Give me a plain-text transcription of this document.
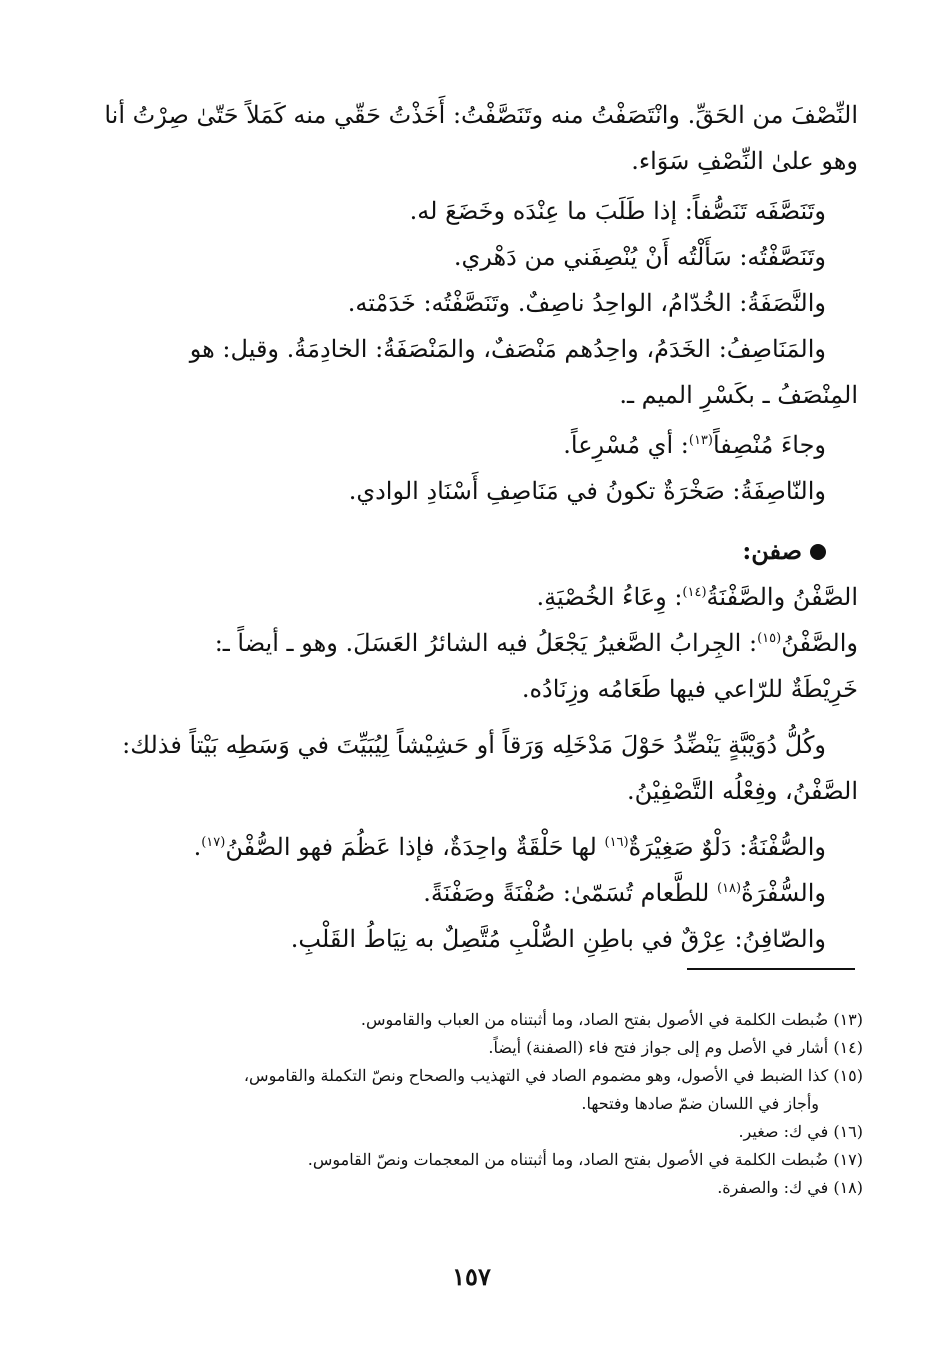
النِّصْفَ من الحَقِّ. وانْتَصَفْتُ منه وتَنَصَّفْتُ: أَخَذْتُ حَقّي منه كَمَلاً حَتّىٰ صِرْتُ أنا

وهو علىٰ النِّصْفِ سَوَاء.

وتَنَصَّفَه تَنَصُّفاً: إذا طَلَبَ ما عِنْدَه وخَضَعَ له.

وتَنَصَّفْتُه: سَأَلْتُه أَنْ يُنْصِفَني من دَهْري.

والنَّصَفَةُ: الخُدّامُ، الواحِدُ ناصِفٌ. وتَنَصَّفْتُه: خَدَمْته.

والمَنَاصِفُ: الخَدَمُ، واحِدُهم مَنْصَفٌ، والمَنْصَفَةُ: الخادِمَةُ. وقيل: هو

المِنْصَفُ ـ بكَسْرِ الميم ـ.

وجاءَ مُنْصِفاً$^{(١٣)}$: أي مُسْرِعاً.

والنّاصِفَةُ: صَخْرَةٌ تكونُ في مَنَاصِفِ أَسْنَادِ الوادي.

صفن:

الصَّفْنُ والصَّفْنَةُ$^{(١٤)}$: وِعَاءُ الخُصْيَةِ.

والصَّفْنُ$^{(١٥)}$: الجِرابُ الصَّغيرُ يَجْعَلُ فيه الشائرُ العَسَلَ. وهو ـ أيضاً ـ:

خَرِيْطَةٌ للرّاعي فيها طَعَامُه وزِنَادُه.

وكُلُّ دُوَيْبَّةٍ يَنْضِّدُ حَوْلَ مَدْخَلِه وَرَقاً أو حَشِيْشاً لِيُبَيِّتَ في وَسَطِه بَيْتاً فذلك:

الصَّفْنُ، وفِعْلُه التَّصْفِيْنُ.

والصُّفْنَةُ: دَلْوٌ صَغِيْرَةٌ$^{(١٦)}$ لها حَلْقَةٌ واحِدَةٌ، فإذا عَظُمَ فهو الصُّفْنُ$^{(١٧)}$.

والسُّفْرَةُ$^{(١٨)}$ للطَّعام تُسَمّىٰ: صُفْنَةً وصَفْنَةً.

والصّافِنُ: عِرْقٌ في باطِنِ الصُّلْبِ مُتَّصِلٌ به نِيَاطُ القَلْبِ.

(١٣) ضُبطت الكلمة في الأصول بفتح الصاد، وما أثبتناه من العباب والقاموس.

(١٤) أشار في الأصل وم إلى جواز فتح فاء (الصفنة) أيضاً.

(١٥) كذا الضبط في الأصول، وهو مضموم الصاد في التهذيب والصحاح ونصّ التكملة والقاموس،

وأجاز في اللسان ضمّ صادها وفتحها.

(١٦) في ك: صغير.

(١٧) ضُبطت الكلمة في الأصول بفتح الصاد، وما أثبتناه من المعجمات ونصّ القاموس.

(١٨) في ك: والصفرة.

١٥٧
